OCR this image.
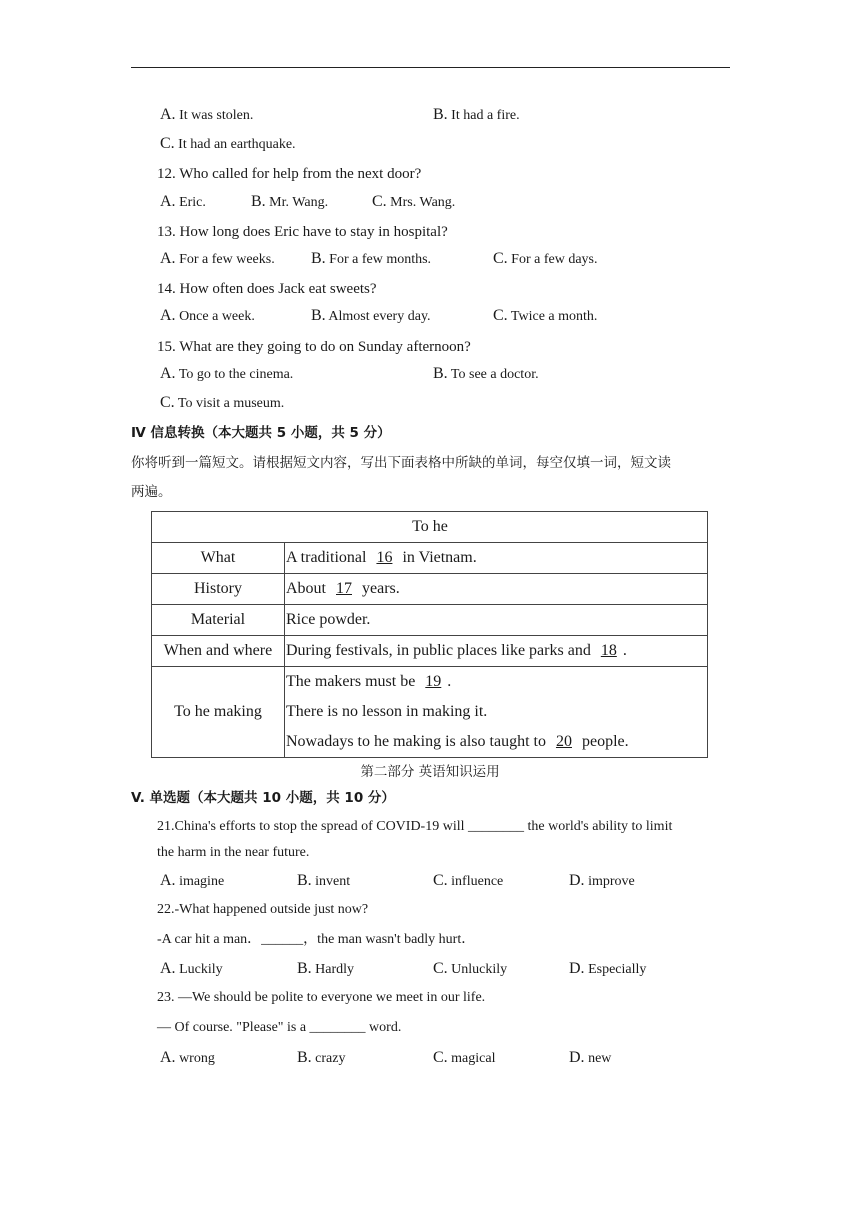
A. It was stolen.	B. It had a fire.
C. It had an earthquake.
12. Who called for help from the next door?
A. Eric.	B. Mr. Wang.	C. Mrs. Wang.
13. How long does Eric have to stay in hospital?
A. For a few weeks. B. For a few months.	C. For a few days.
14. How often does Jack eat sweets?
A. Once a week.	B. Almost every day.	C. Twice a month.
15. What are they going to do on Sunday afternoon?
A. To go to the cinema.	B. To see a doctor.
C. To visit a museum.
Ⅳ 信息转换（本大题共 5 小题，共 5 分）
你将听到一篇短文。请根据短文内容，写出下面表格中所缺的单词，每空仅填一词，短文读
两遍。
To he	
What	A traditional 16 in Vietnam.
History	About 17 years.
Material	Rice powder.
When and where	During festivals, in public places like parks and 18 .
To he making	The makers must be 19 .
There is no lesson in making it.
Nowadays to he making is also taught to 20 people.
第二部分 英语知识运用
V. 单选题（本大题共 10 小题，共 10 分）
21.China's efforts to stop the spread of COVID-19 will ________ the world's ability to limit
the harm in the near future.
A. imagine	B. invent	C. influence	D. improve
22.-What happened outside just now?
-A car hit a man．______，the man wasn't badly hurt．
A. Luckily	B. Hardly	C. Unluckily	D. Especially
23. —We should be polite to everyone we meet in our life.
— Of course. "Please" is a ________ word.
A. wrong	B. crazy	C. magical	D. new
